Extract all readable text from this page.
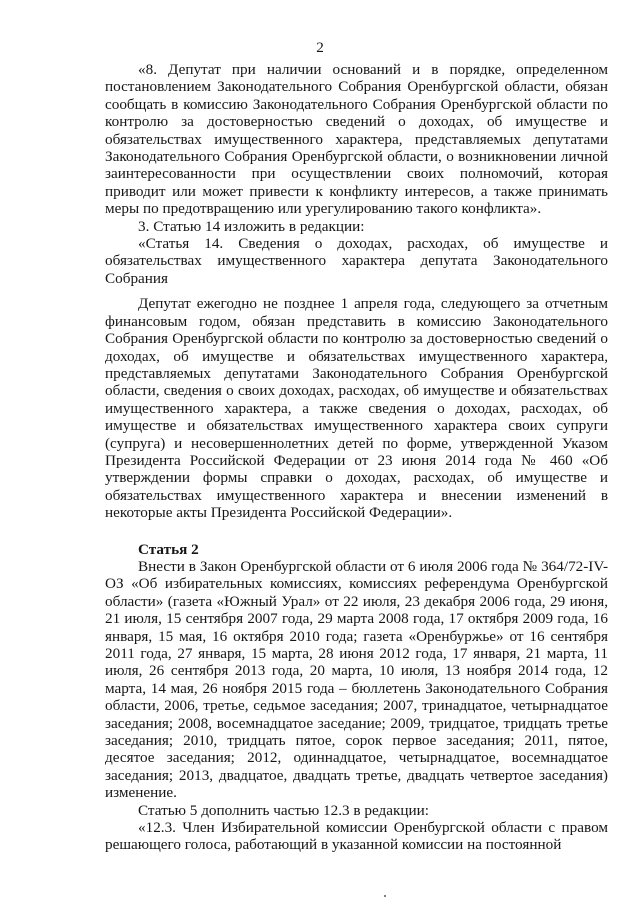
2

«8. Депутат при наличии оснований и в порядке, определенном постановлением Законодательного Собрания Оренбургской области, обязан сообщать в комиссию Законодательного Собрания Оренбургской области по контролю за достоверностью сведений о доходах, об имуществе и обязательствах имущественного характера, представляемых депутатами Законодательного Собрания Оренбургской области, о возникновении личной заинтересованности при осуществлении своих полномочий, которая приводит или может привести к конфликту интересов, а также принимать меры по предотвращению или урегулированию такого конфликта».

3. Статью 14 изложить в редакции:

«Статья 14. Сведения о доходах, расходах, об имуществе и обязательствах имущественного характера депутата Законодательного Собрания

Депутат ежегодно не позднее 1 апреля года, следующего за отчетным финансовым годом, обязан представить в комиссию Законодательного Собрания Оренбургской области по контролю за достоверностью сведений о доходах, об имуществе и обязательствах имущественного характера, представляемых депутатами Законодательного Собрания Оренбургской области, сведения о своих доходах, расходах, об имуществе и обязательствах имущественного характера, а также сведения о доходах, расходах, об имуществе и обязательствах имущественного характера своих супруги (супруга) и несовершеннолетних детей по форме, утвержденной Указом Президента Российской Федерации от 23 июня 2014 года № 460 «Об утверждении формы справки о доходах, расходах, об имуществе и обязательствах имущественного характера и внесении изменений в некоторые акты Президента Российской Федерации».

Статья 2

Внести в Закон Оренбургской области от 6 июля 2006 года № 364/72-IV-ОЗ «Об избирательных комиссиях, комиссиях референдума Оренбургской области» (газета «Южный Урал» от 22 июля, 23 декабря 2006 года, 29 июня, 21 июля, 15 сентября 2007 года, 29 марта 2008 года, 17 октября 2009 года, 16 января, 15 мая, 16 октября 2010 года; газета «Оренбуржье» от 16 сентября 2011 года, 27 января, 15 марта, 28 июня 2012 года, 17 января, 21 марта, 11 июля, 26 сентября 2013 года, 20 марта, 10 июля, 13 ноября 2014 года, 12 марта, 14 мая, 26 ноября 2015 года – бюллетень Законодательного Собрания области, 2006, третье, седьмое заседания; 2007, тринадцатое, четырнадцатое заседания; 2008, восемнадцатое заседание; 2009, тридцатое, тридцать третье заседания; 2010, тридцать пятое, сорок первое заседания; 2011, пятое, десятое заседания; 2012, одиннадцатое, четырнадцатое, восемнадцатое заседания; 2013, двадцатое, двадцать третье, двадцать четвертое заседания) изменение.

Статью 5 дополнить частью 12.3 в редакции:

«12.3. Член Избирательной комиссии Оренбургской области с правом решающего голоса, работающий в указанной комиссии на постоянной
